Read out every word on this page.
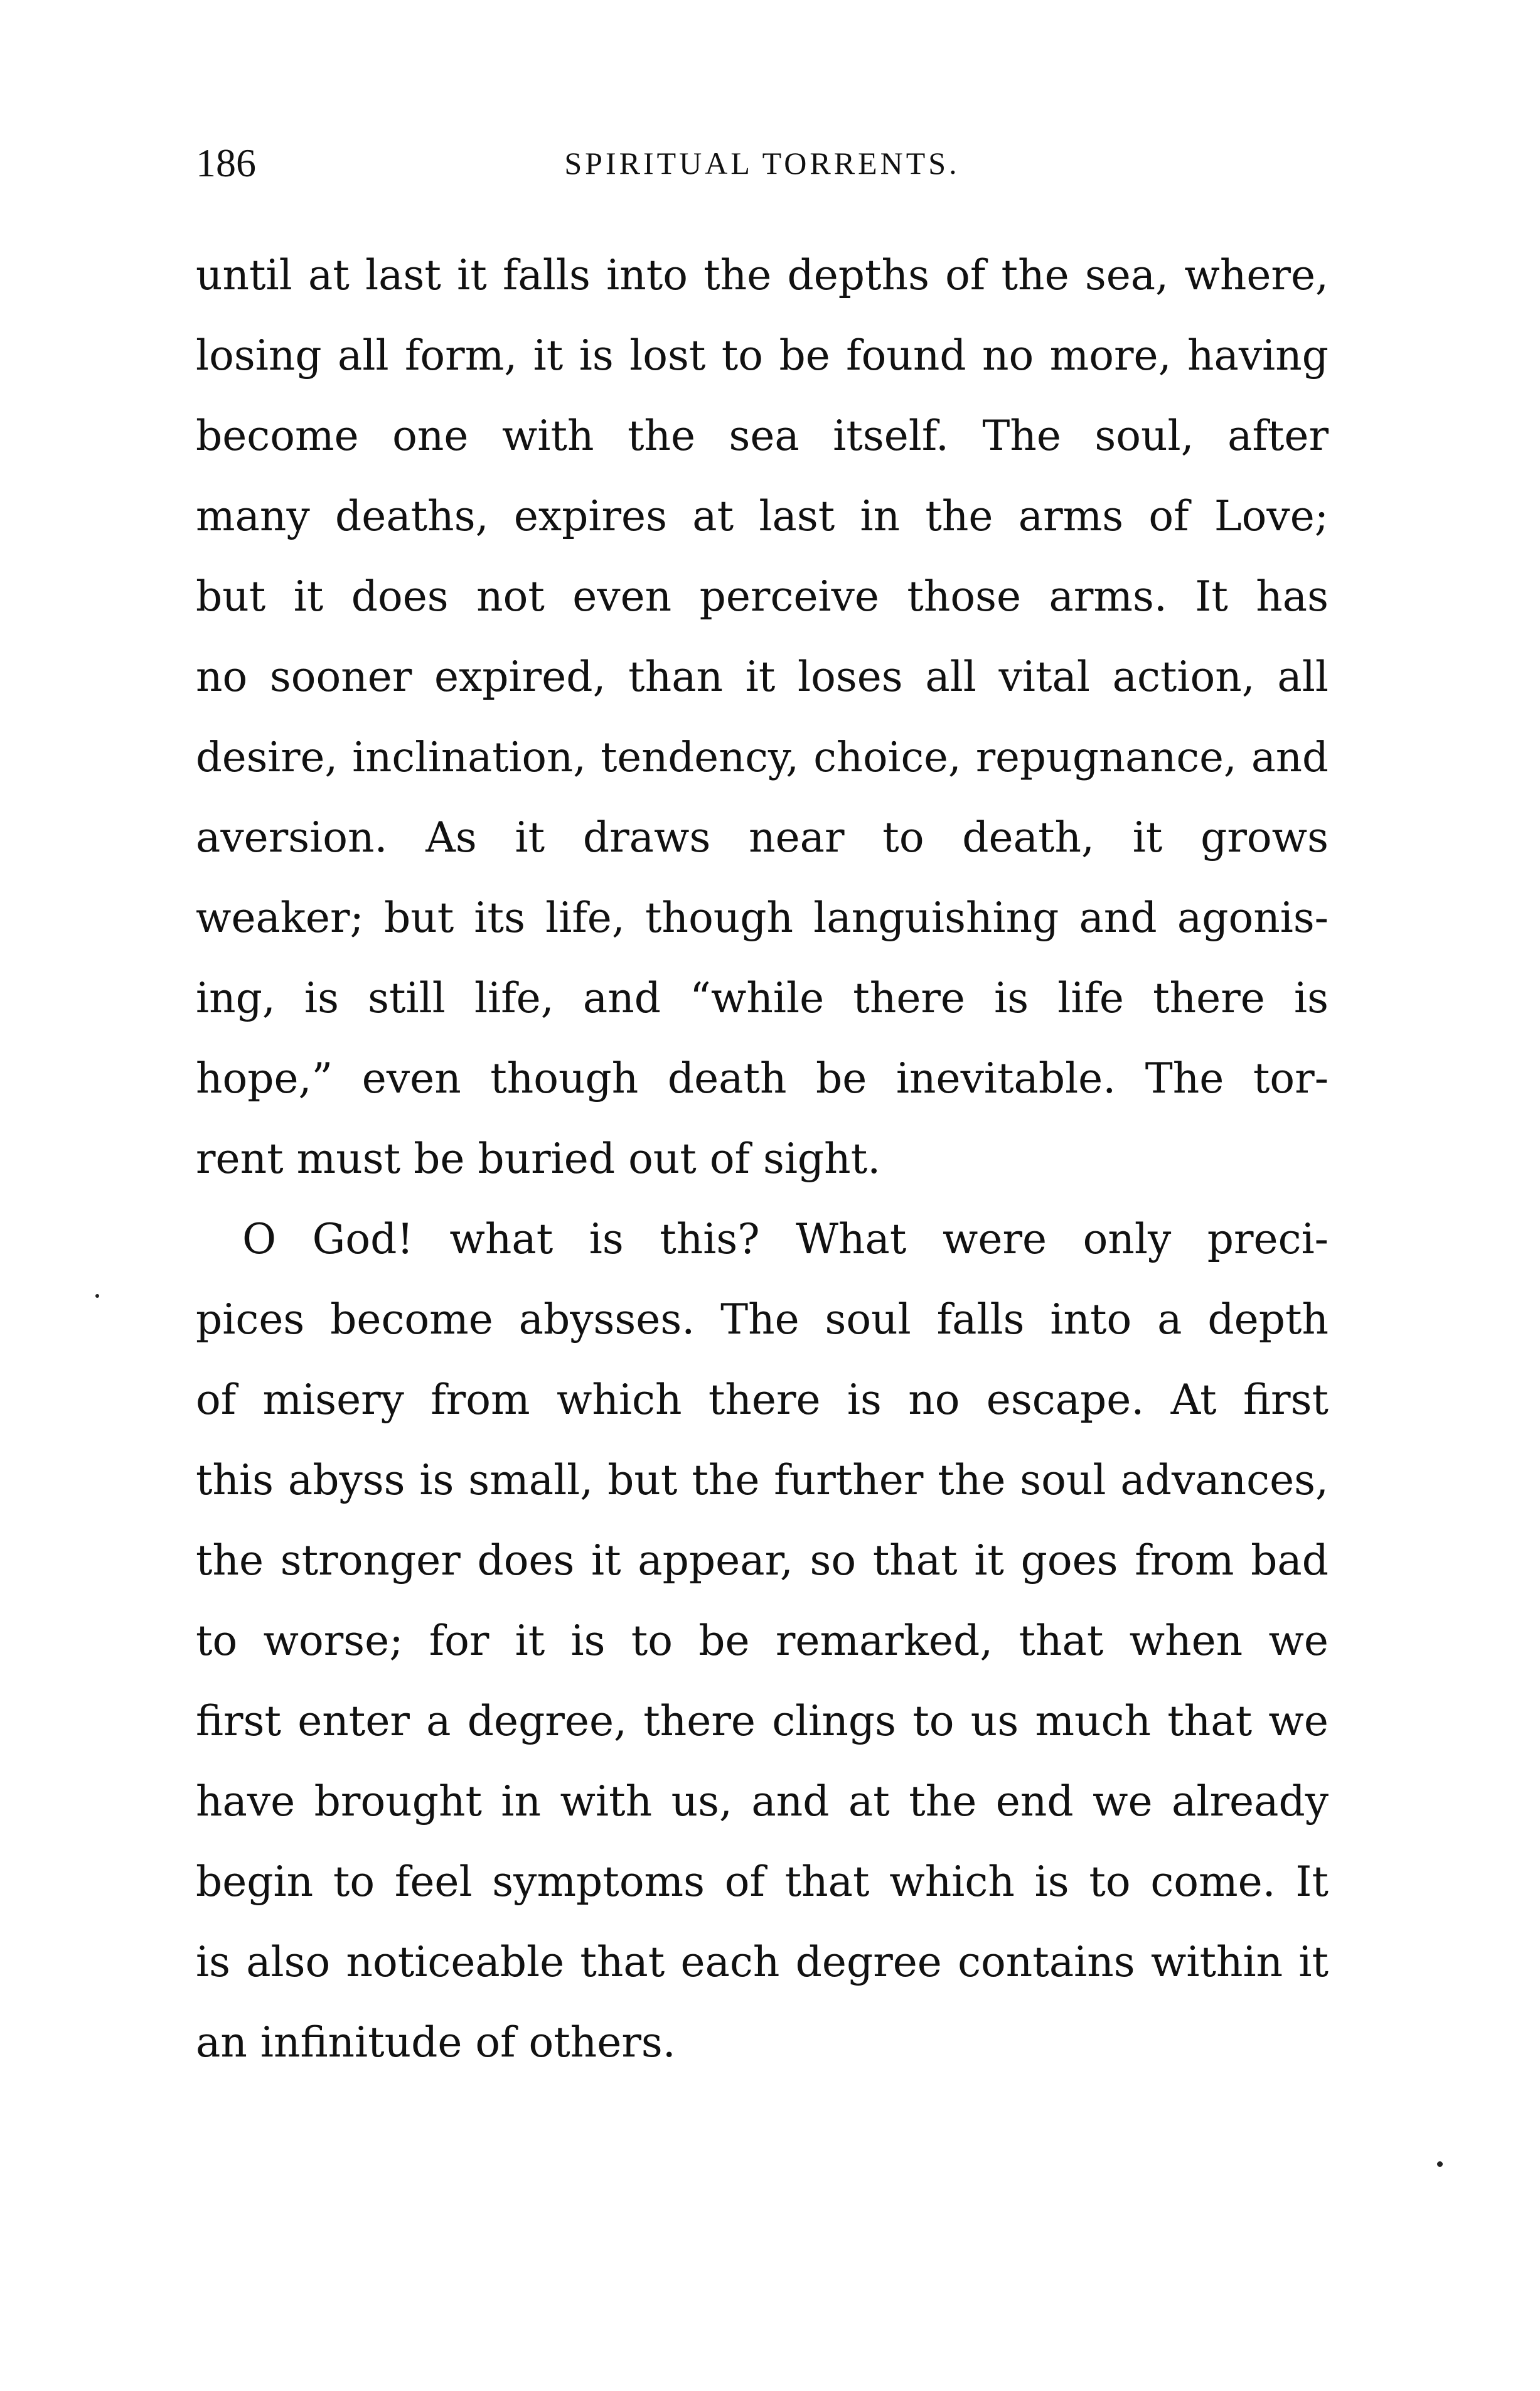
186	SPIRITUAL TORRENTS.
until at last it falls into the depths of the sea, where,
losing all form, it is lost to be found no more, having
become one with the sea itself. The soul, after
many deaths, expires at last in the arms of Love;
but it does not even perceive those arms. It has
no sooner expired, than it loses all vital action, all
desire, inclination, tendency, choice, repugnance, and
aversion. As it draws near to death, it grows
weaker; but its life, though languishing and agonis-
ing, is still life, and “while there is life there is
hope,” even though death be inevitable. The tor-
rent must be buried out of sight.
O God! what is this? What were only preci-
pices become abysses. The soul falls into a depth
of misery from which there is no escape. At first
this abyss is small, but the further the soul advances,
the stronger does it appear, so that it goes from bad
to worse; for it is to be remarked, that when we
first enter a degree, there clings to us much that we
have brought in with us, and at the end we already
begin to feel symptoms of that which is to come. It
is also noticeable that each degree contains within it
an infinitude of others.
